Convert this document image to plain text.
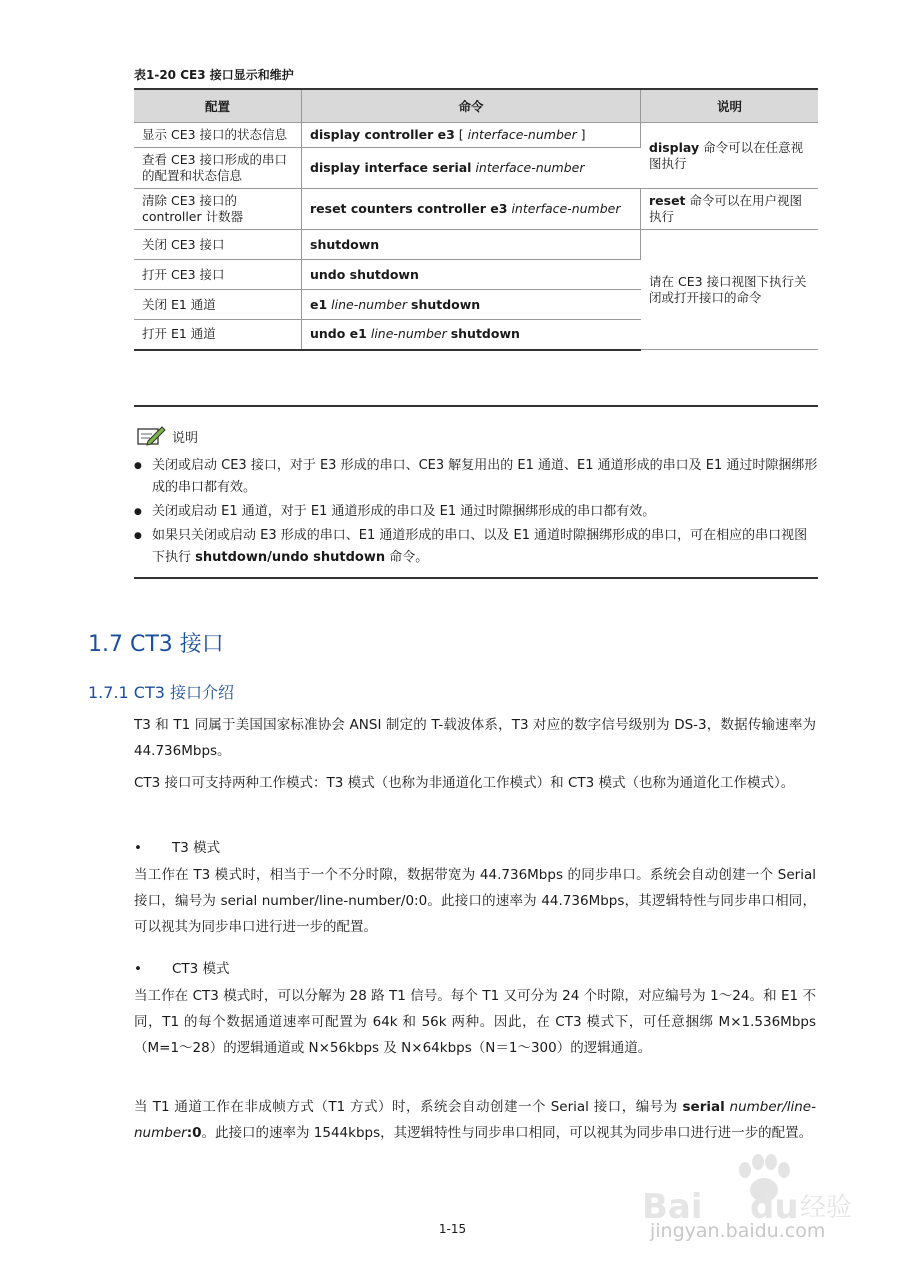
表1-20 CE3 接口显示和维护
配置	命令	说明
显示 CE3 接口的状态信息	display controller e3 [ interface-number ]	display 命令可以在任意视图执行
查看 CE3 接口形成的串口的配置和状态信息	display interface serial interface-number	
清除 CE3 接口的 controller 计数器	reset counters controller e3 interface-number	reset 命令可以在用户视图执行
关闭 CE3 接口	shutdown	请在 CE3 接口视图下执行关闭或打开接口的命令
打开 CE3 接口	undo shutdown	
关闭 E1 通道	e1 line-number shutdown	
打开 E1 通道	undo e1 line-number shutdown	
说明
● 关闭或启动 CE3 接口，对于 E3 形成的串口、CE3 解复用出的 E1 通道、E1 通道形成的串口及 E1 通过时隙捆绑形成的串口都有效。
● 关闭或启动 E1 通道，对于 E1 通道形成的串口及 E1 通过时隙捆绑形成的串口都有效。
● 如果只关闭或启动 E3 形成的串口、E1 通道形成的串口、以及 E1 通道时隙捆绑形成的串口，可在相应的串口视图下执行 shutdown/undo shutdown 命令。
1.7 CT3 接口
1.7.1 CT3 接口介绍
T3 和 T1 同属于美国国家标准协会 ANSI 制定的 T-载波体系，T3 对应的数字信号级别为 DS-3，数据传输速率为 44.736Mbps。
CT3 接口可支持两种工作模式：T3 模式（也称为非通道化工作模式）和 CT3 模式（也称为通道化工作模式）。
• T3 模式
当工作在 T3 模式时，相当于一个不分时隙，数据带宽为 44.736Mbps 的同步串口。系统会自动创建一个 Serial 接口，编号为 serial number/line-number/0:0。此接口的速率为 44.736Mbps，其逻辑特性与同步串口相同，可以视其为同步串口进行进一步的配置。
• CT3 模式
当工作在 CT3 模式时，可以分解为 28 路 T1 信号。每个 T1 又可分为 24 个时隙，对应编号为 1～24。和 E1 不同，T1 的每个数据通道速率可配置为 64k 和 56k 两种。因此，在 CT3 模式下，可任意捆绑 M×1.536Mbps（M=1～28）的逻辑通道或 N×56kbps 及 N×64kbps（N＝1～300）的逻辑通道。
当 T1 通道工作在非成帧方式（T1 方式）时，系统会自动创建一个 Serial 接口，编号为 serial number/line-number:0。此接口的速率为 1544kbps，其逻辑特性与同步串口相同，可以视其为同步串口进行进一步的配置。
1-15
Bai du 经验
jingyan.baidu.com
